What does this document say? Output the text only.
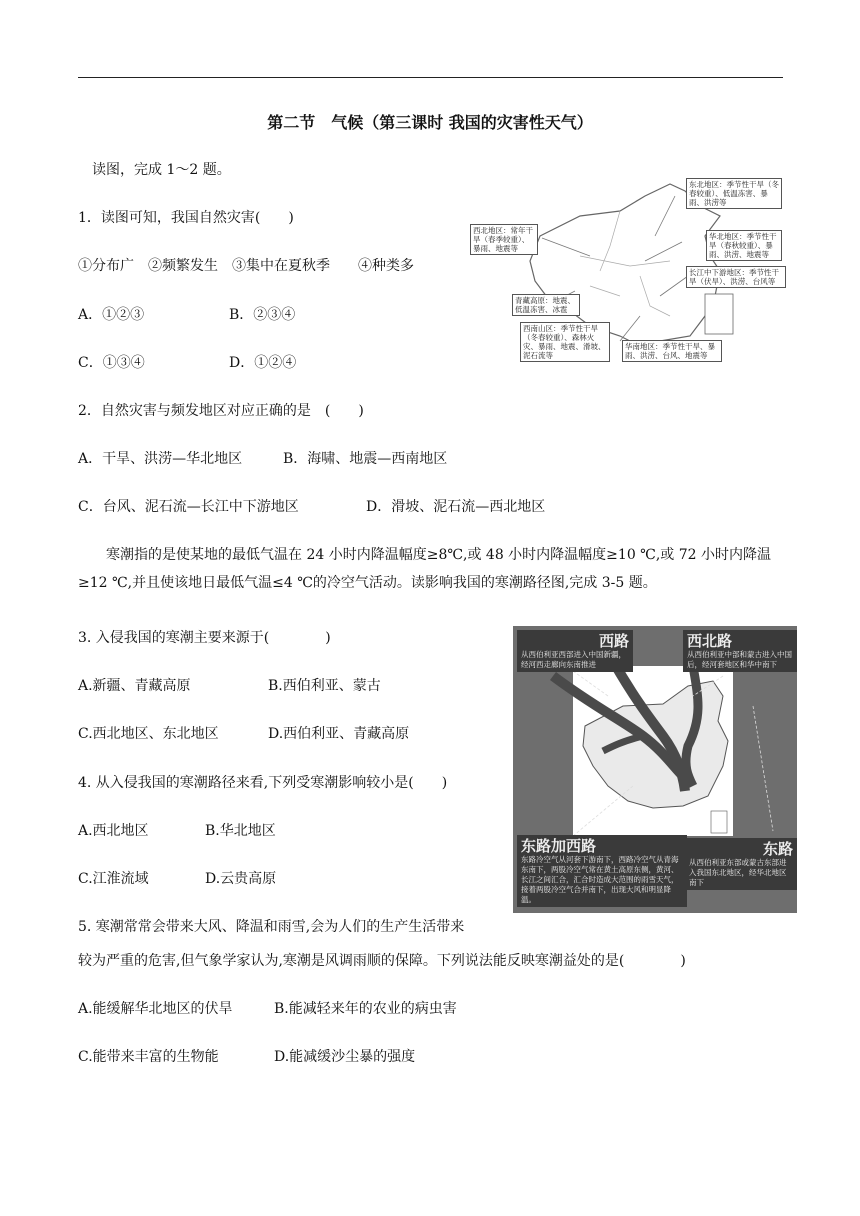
第二节　气候（第三课时 我国的灾害性天气）
读图，完成 1～2 题。
1．读图可知，我国自然灾害(　　)
①分布广　②频繁发生　③集中在夏秋季　　④种类多
A．①②③	B．②③④
C．①③④	D．①②④
2．自然灾害与频发地区对应正确的是　(　　)
A．干旱、洪涝—华北地区	B．海啸、地震—西南地区
C．台风、泥石流—长江中下游地区	D．滑坡、泥石流—西北地区
寒潮指的是使某地的最低气温在 24 小时内降温幅度≥8℃,或 48 小时内降温幅度≥10 ℃,或 72 小时内降温≥12 ℃,并且使该地日最低气温≤4 ℃的冷空气活动。读影响我国的寒潮路径图,完成 3-5 题。
3. 入侵我国的寒潮主要来源于(　　　　)
A.新疆、青藏高原	B.西伯利亚、蒙古
C.西北地区、东北地区	D.西伯利亚、青藏高原
4. 从入侵我国的寒潮路径来看,下列受寒潮影响较小是(　　)
A.西北地区	B.华北地区
C.江淮流域	D.云贵高原
5. 寒潮常常会带来大风、降温和雨雪,会为人们的生产生活带来
较为严重的危害,但气象学家认为,寒潮是风调雨顺的保障。下列说法能反映寒潮益处的是(　　　　)
A.能缓解华北地区的伏旱	B.能减轻来年的农业的病虫害
C.能带来丰富的生物能	D.能减缓沙尘暴的强度
东北地区：季节性干旱（冬春较重）、低温冻害、暴雨、洪涝等
西北地区：常年干旱（春季较重）、暴雨、地震等
华北地区：季节性干旱（春秋较重）、暴雨、洪涝、地震等
长江中下游地区：季节性干旱（伏旱）、洪涝、台风等
青藏高原：地震、低温冻害、冰雹
西南山区：季节性干旱（冬春较重）、森林火灾、暴雨、地震、滑坡、泥石流等
华南地区：季节性干旱、暴雨、洪涝、台风、地震等
西路
从西伯利亚西部进入中国新疆，经河西走廊向东南推进
西北路
从西伯利亚中部和蒙古进入中国后，经河套地区和华中南下
东路加西路
东路冷空气从河套下游南下，西路冷空气从青海东南下，两股冷空气常在黄土高原东侧，黄河、长江之间汇合，汇合时造成大范围的雨雪天气，接着两股冷空气合并南下，出现大风和明显降温。
东路
从西伯利亚东部或蒙古东部进入我国东北地区，经华北地区南下
